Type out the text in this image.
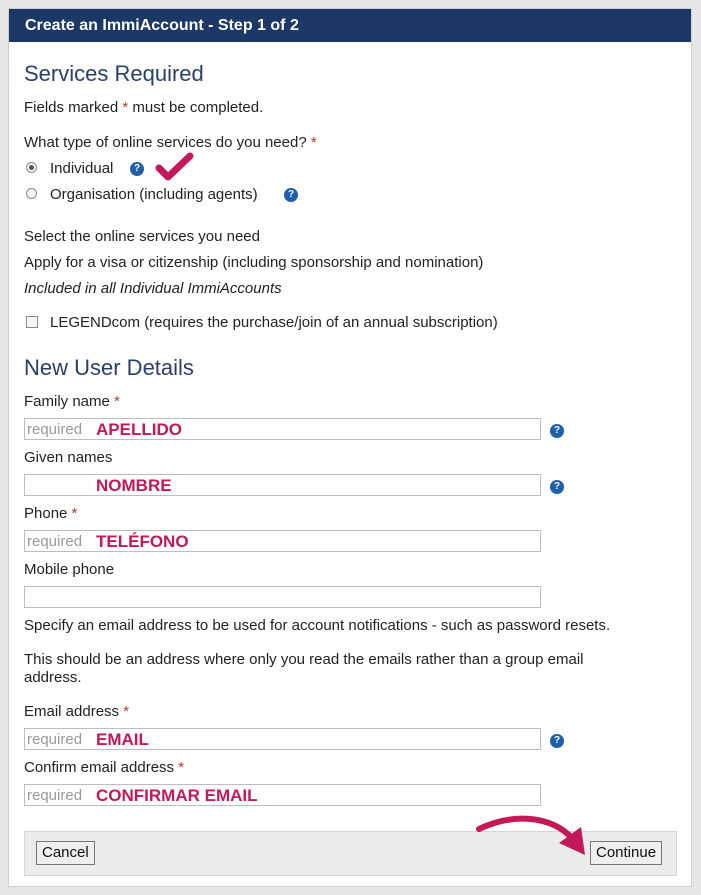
Create an ImmiAccount - Step 1 of 2
Services Required
Fields marked * must be completed.
What type of online services do you need? *
Individual	?
Organisation (including agents)	?
Select the online services you need
Apply for a visa or citizenship (including sponsorship and nomination)
Included in all Individual ImmiAccounts
LEGENDcom (requires the purchase/join of an annual subscription)
New User Details
Family name *
required APELLIDO	?
Given names
NOMBRE	?
Phone *
required TELÉFONO
Mobile phone
Specify an email address to be used for account notifications - such as password resets.
This should be an address where only you read the emails rather than a group email
address.
Email address *
required EMAIL	?
Confirm email address *
required CONFIRMAR EMAIL
Cancel	Continue
